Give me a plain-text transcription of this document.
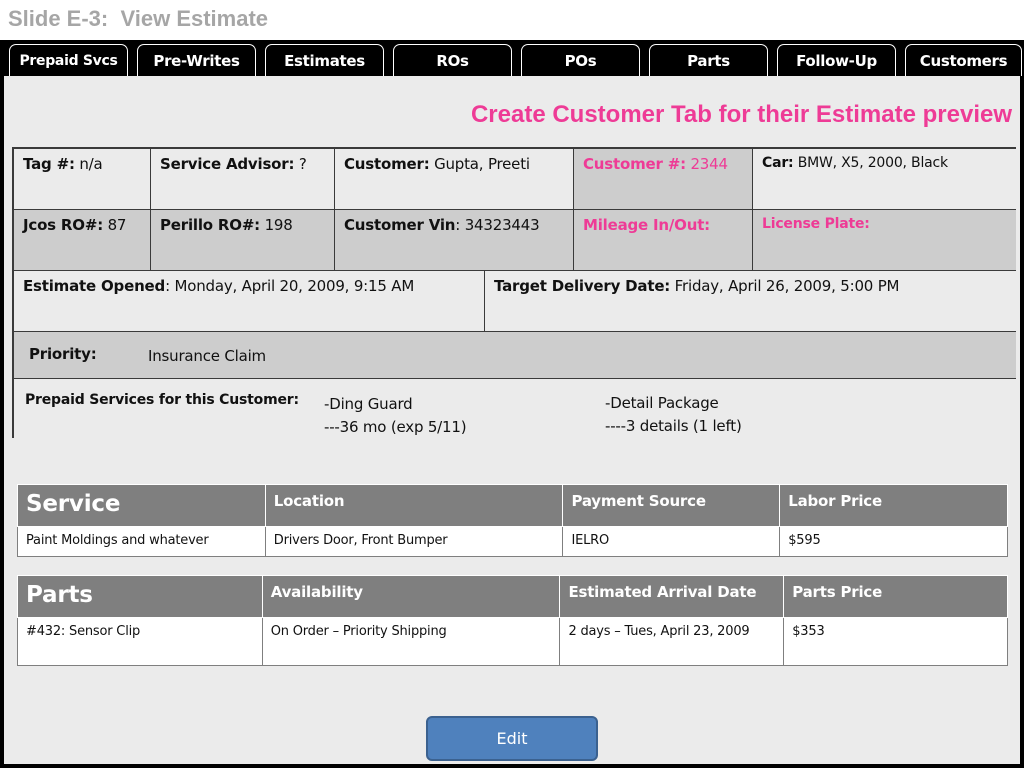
Slide E-3:  View Estimate
Prepaid Svcs	Pre-Writes	Estimates	ROs	POs	Parts	Follow-Up	Customers
Create Customer Tab for their Estimate preview
Tag #: n/a	Service Advisor: ?	Customer: Gupta, Preeti	Customer #: 2344	Car: BMW, X5, 2000, Black
Jcos RO#: 87	Perillo RO#: 198	Customer Vin: 34323443	Mileage In/Out:	License Plate:
Estimate Opened: Monday, April 20, 2009, 9:15 AM	Target Delivery Date: Friday, April 26, 2009, 5:00 PM
Priority:	Insurance Claim
Prepaid Services for this Customer: -Ding Guard
---36 mo (exp 5/11)
-Detail Package
----3 details (1 left)
Service	Location	Payment Source	Labor Price
Paint Moldings and whatever	Drivers Door, Front Bumper	IELRO	$595
Parts	Availability	Estimated Arrival Date	Parts Price
#432: Sensor Clip	On Order – Priority Shipping	2 days – Tues, April 23, 2009	$353
Edit
